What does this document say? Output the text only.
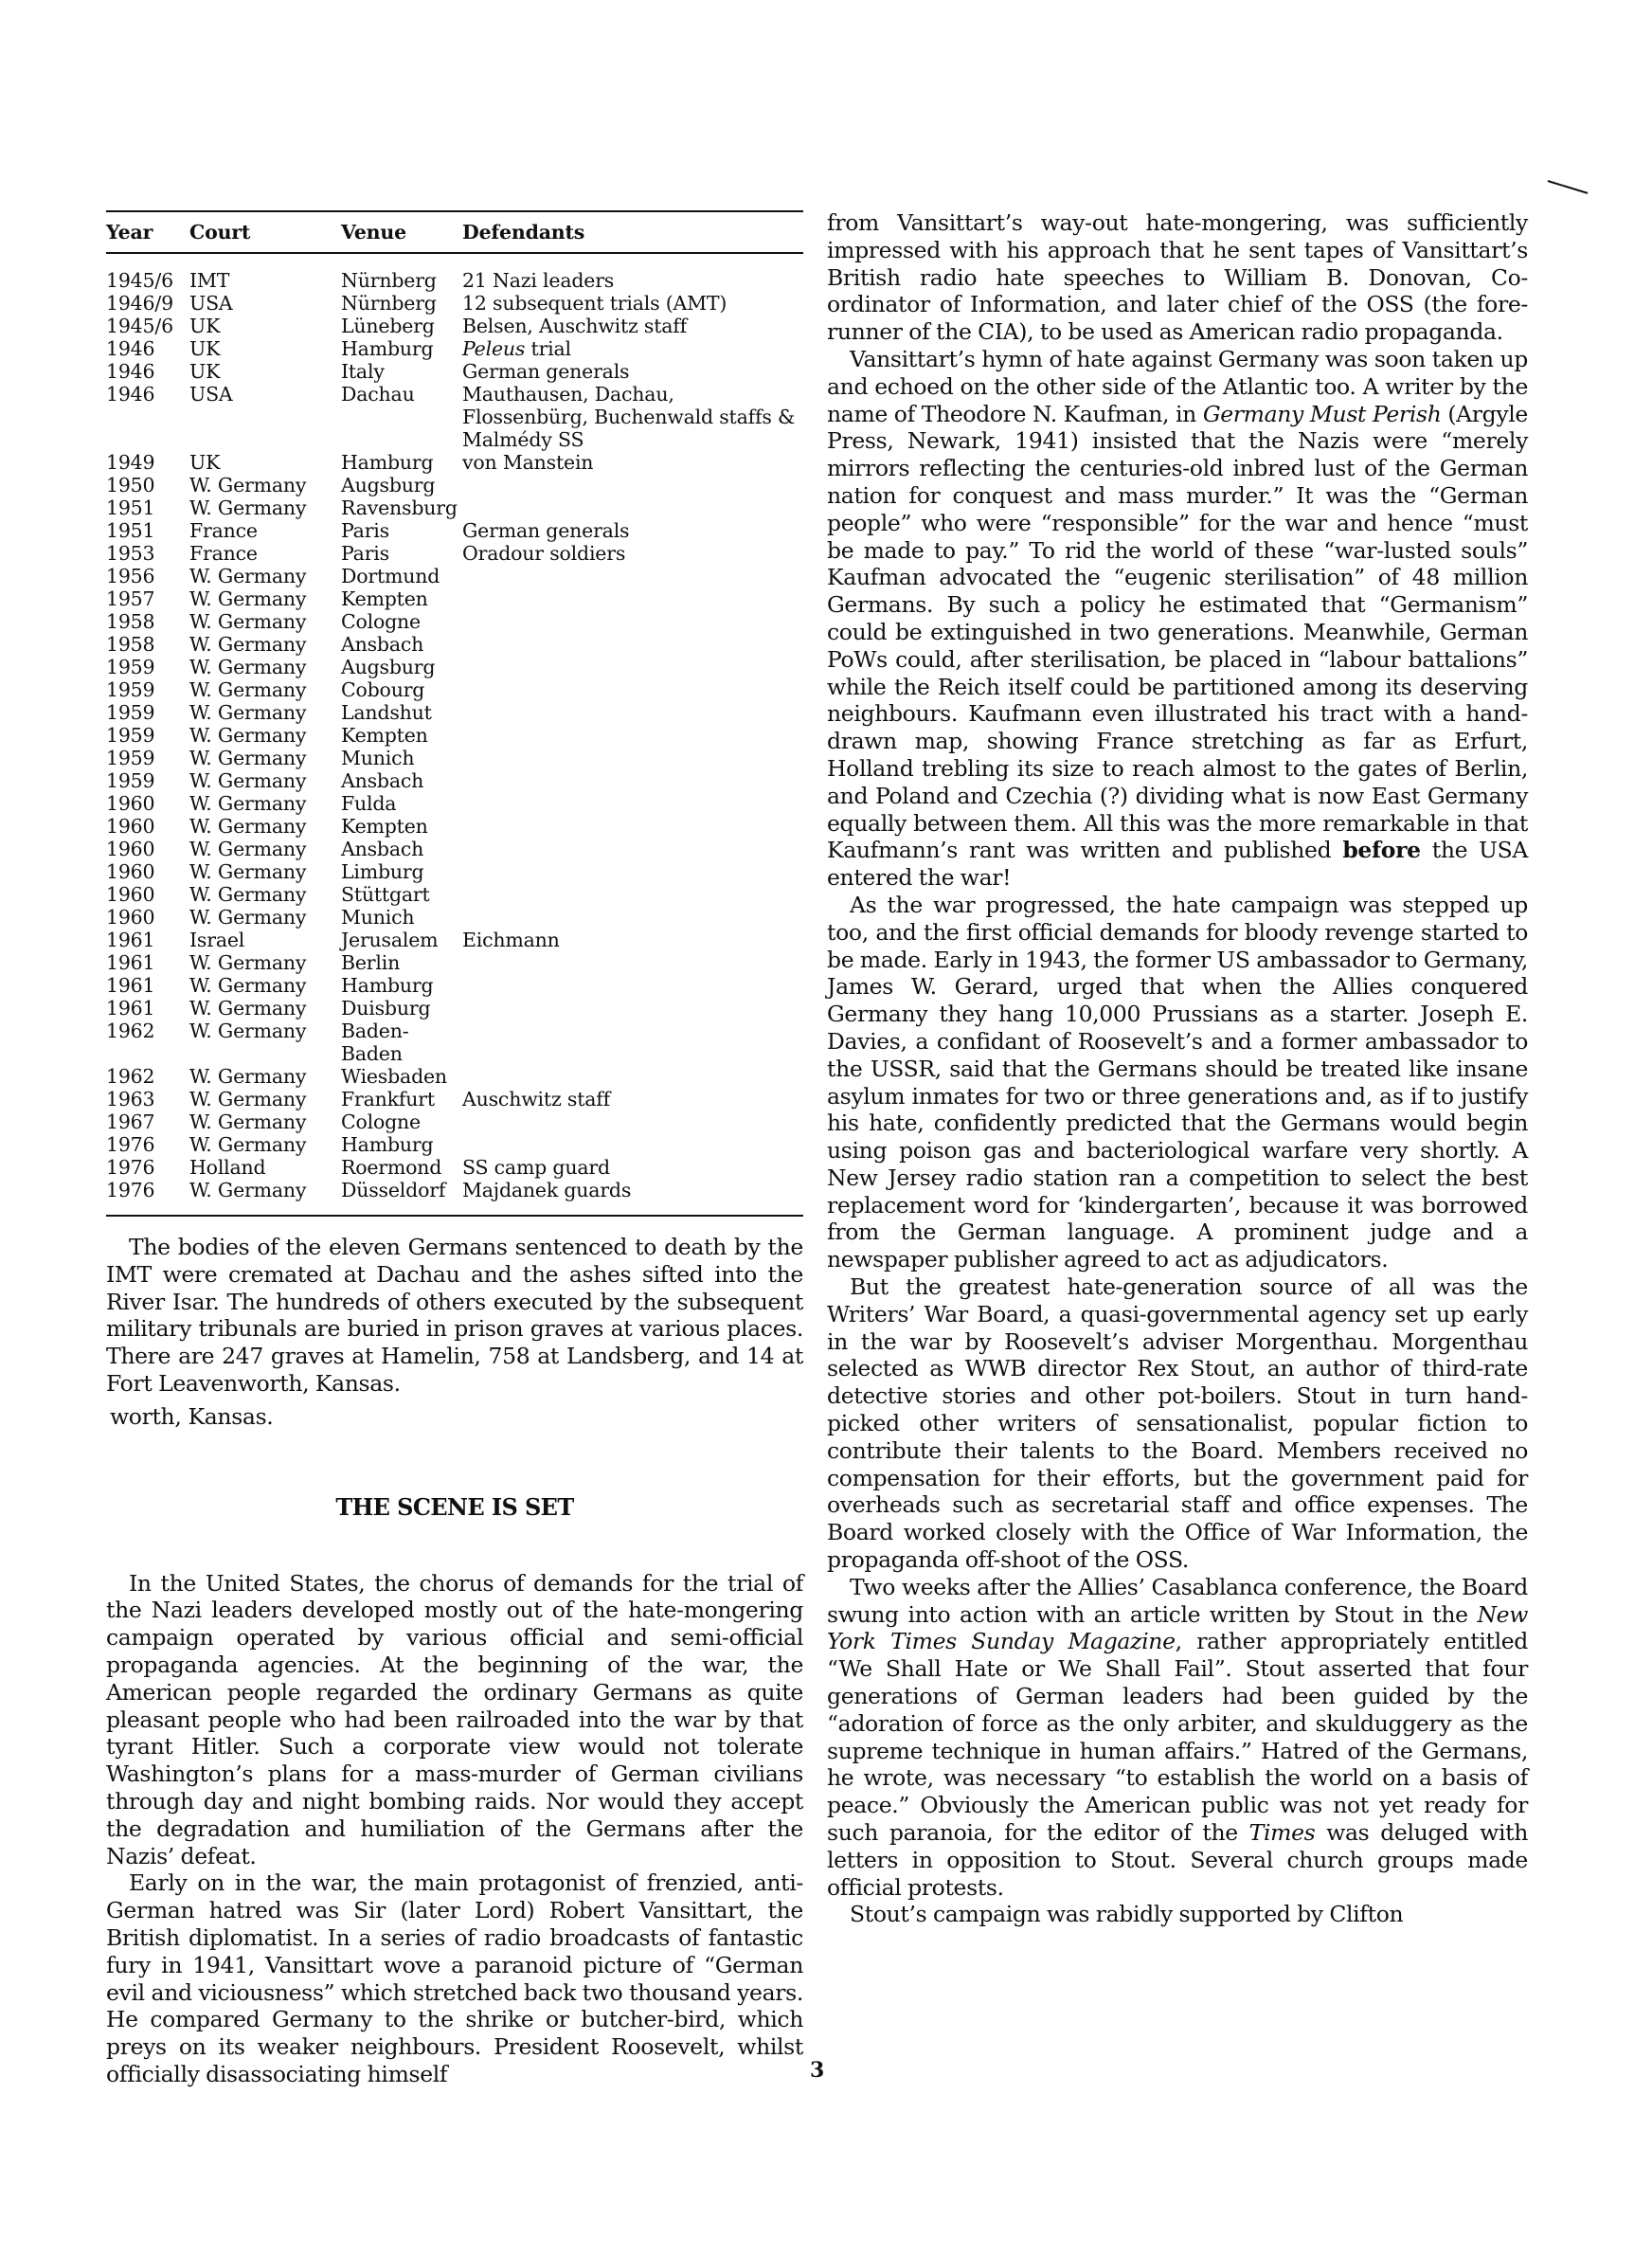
Year	Court	Venue	Defendants
1945/6	IMT	Nürnberg	21 Nazi leaders
1946/9	USA	Nürnberg	12 subsequent trials (AMT)
1945/6	UK	Lüneberg	Belsen, Auschwitz staff
1946	UK	Hamburg	Peleus trial
1946	UK	Italy	German generals
1946	USA	Dachau	Mauthausen, Dachau, Flossenbürg, Buchenwald staffs & Malmédy SS
1949	UK	Hamburg	von Manstein
1950	W. Germany	Augsburg	
1951	W. Germany	Ravensburg	
1951	France	Paris	German generals
1953	France	Paris	Oradour soldiers
1956	W. Germany	Dortmund	
1957	W. Germany	Kempten	
1958	W. Germany	Cologne	
1958	W. Germany	Ansbach	
1959	W. Germany	Augsburg	
1959	W. Germany	Cobourg	
1959	W. Germany	Landshut	
1959	W. Germany	Kempten	
1959	W. Germany	Munich	
1959	W. Germany	Ansbach	
1960	W. Germany	Fulda	
1960	W. Germany	Kempten	
1960	W. Germany	Ansbach	
1960	W. Germany	Limburg	
1960	W. Germany	Stüttgart	
1960	W. Germany	Munich	
1961	Israel	Jerusalem	Eichmann
1961	W. Germany	Berlin	
1961	W. Germany	Hamburg	
1961	W. Germany	Duisburg	
1962	W. Germany	Baden-Baden	
1962	W. Germany	Wiesbaden	
1963	W. Germany	Frankfurt	Auschwitz staff
1967	W. Germany	Cologne	
1976	W. Germany	Hamburg	
1976	Holland	Roermond	SS camp guard
1976	W. Germany	Düsseldorf	Majdanek guards

The bodies of the eleven Germans sentenced to death by the IMT were cremated at Dachau and the ashes sifted into the River Isar. The hundreds of others executed by the subsequent military tribunals are buried in prison graves at various places. There are 247 graves at Hamelin, 758 at Landsberg, and 14 at Fort Leavenworth, Kansas.

worth, Kansas.
THE SCENE IS SET

In the United States, the chorus of demands for the trial of the Nazi leaders developed mostly out of the hate-mongering campaign operated by various official and semi-official propaganda agencies. At the beginning of the war, the American people regarded the ordinary Germans as quite pleasant people who had been railroaded into the war by that tyrant Hitler. Such a corporate view would not tolerate Washington’s plans for a mass-murder of German civilians through day and night bombing raids. Nor would they accept the degradation and humiliation of the Germans after the Nazis’ defeat.

Early on in the war, the main protagonist of frenzied, anti-German hatred was Sir (later Lord) Robert Vansittart, the British diplomatist. In a series of radio broadcasts of fantastic fury in 1941, Vansittart wove a paranoid picture of “German evil and viciousness” which stretched back two thousand years. He compared Germany to the shrike or butcher-bird, which preys on its weaker neighbours. President Roosevelt, whilst officially disassociating himself

from Vansittart’s way-out hate-mongering, was sufficiently impressed with his approach that he sent tapes of Vansittart’s British radio hate speeches to William B. Donovan, Co-ordinator of Information, and later chief of the OSS (the fore-runner of the CIA), to be used as American radio propaganda.

Vansittart’s hymn of hate against Germany was soon taken up and echoed on the other side of the Atlantic too. A writer by the name of Theodore N. Kaufman, in Germany Must Perish (Argyle Press, Newark, 1941) insisted that the Nazis were “merely mirrors reflecting the centuries-old inbred lust of the German nation for conquest and mass murder.” It was the “German people” who were “responsible” for the war and hence “must be made to pay.” To rid the world of these “war-lusted souls” Kaufman advocated the “eugenic sterilisation” of 48 million Germans. By such a policy he estimated that “Germanism” could be extinguished in two generations. Meanwhile, German PoWs could, after sterilisation, be placed in “labour battalions” while the Reich itself could be partitioned among its deserving neighbours. Kaufmann even illustrated his tract with a hand-drawn map, showing France stretching as far as Erfurt, Holland trebling its size to reach almost to the gates of Berlin, and Poland and Czechia (?) dividing what is now East Germany equally between them. All this was the more remarkable in that Kaufmann’s rant was written and published before the USA entered the war!

As the war progressed, the hate campaign was stepped up too, and the first official demands for bloody revenge started to be made. Early in 1943, the former US ambassador to Germany, James W. Gerard, urged that when the Allies conquered Germany they hang 10,000 Prussians as a starter. Joseph E. Davies, a confidant of Roosevelt’s and a former ambassador to the USSR, said that the Germans should be treated like insane asylum inmates for two or three generations and, as if to justify his hate, confidently predicted that the Germans would begin using poison gas and bacteriological warfare very shortly. A New Jersey radio station ran a competition to select the best replacement word for ‘kindergarten’, because it was borrowed from the German language. A prominent judge and a newspaper publisher agreed to act as adjudicators.

But the greatest hate-generation source of all was the Writers’ War Board, a quasi-governmental agency set up early in the war by Roosevelt’s adviser Morgenthau. Morgenthau selected as WWB director Rex Stout, an author of third-rate detective stories and other pot-boilers. Stout in turn hand-picked other writers of sensationalist, popular fiction to contribute their talents to the Board. Members received no compensation for their efforts, but the government paid for overheads such as secretarial staff and office expenses. The Board worked closely with the Office of War Information, the propaganda off-shoot of the OSS.

Two weeks after the Allies’ Casablanca conference, the Board swung into action with an article written by Stout in the New York Times Sunday Magazine, rather appropriately entitled “We Shall Hate or We Shall Fail”. Stout asserted that four generations of German leaders had been guided by the “adoration of force as the only arbiter, and skulduggery as the supreme technique in human affairs.” Hatred of the Germans, he wrote, was necessary “to establish the world on a basis of peace.” Obviously the American public was not yet ready for such paranoia, for the editor of the Times was deluged with letters in opposition to Stout. Several church groups made official protests.

Stout’s campaign was rabidly supported by Clifton

3
